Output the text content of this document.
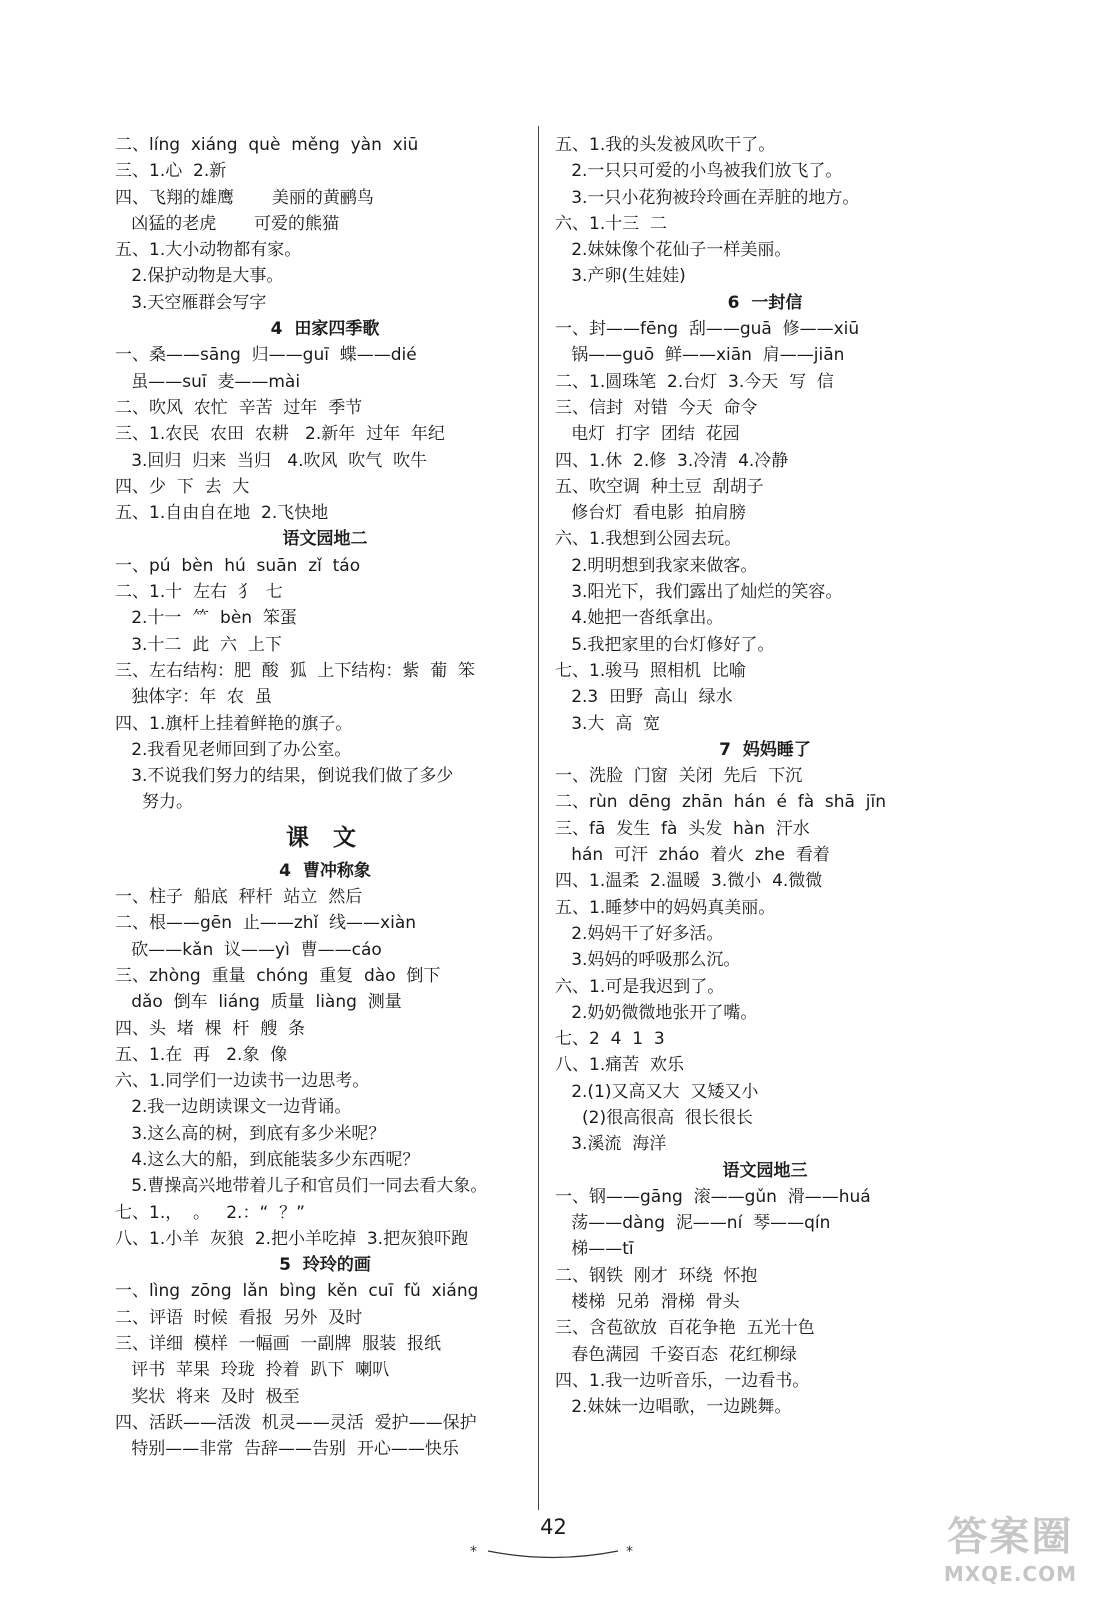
二、líng  xiáng  què  měng  yàn  xiū
三、1.心  2.新
四、飞翔的雄鹰       美丽的黄鹂鸟
凶猛的老虎       可爱的熊猫
五、1.大小动物都有家。
2.保护动物是大事。
3.天空雁群会写字
4  田家四季歌
一、桑——sāng  归——guī  蝶——dié
虽——suī  麦——mài
二、吹风  农忙  辛苦  过年  季节
三、1.农民  农田  农耕   2.新年  过年  年纪
3.回归  归来  当归   4.吹风  吹气  吹牛
四、少  下  去  大
五、1.自由自在地  2.飞快地
语文园地二
一、pú  bèn  hú  suān  zǐ  táo
二、1.十  左右  犭  七
2.十一  ⺮  bèn  笨蛋
3.十二  此  六  上下
三、左右结构：肥  酸  狐  上下结构：紫  葡  笨
独体字：年  农  虽
四、1.旗杆上挂着鲜艳的旗子。
2.我看见老师回到了办公室。
3.不说我们努力的结果，倒说我们做了多少
努力。
课 文
4  曹冲称象
一、柱子  船底  秤杆  站立  然后
二、根——gēn  止——zhǐ  线——xiàn
砍——kǎn  议——yì  曹——cáo
三、zhòng  重量  chóng  重复  dào  倒下
dǎo  倒车  liáng  质量  liàng  测量
四、头  堵  棵  杆  艘  条
五、1.在  再   2.象  像
六、1.同学们一边读书一边思考。
2.我一边朗读课文一边背诵。
3.这么高的树，到底有多少米呢？
4.这么大的船，到底能装多少东西呢？
5.曹操高兴地带着儿子和官员们一同去看大象。
七、1.，  。   2.：“  ？”
八、1.小羊  灰狼  2.把小羊吃掉  3.把灰狼吓跑
5  玲玲的画
一、lìng  zōng  lǎn  bìng  kěn  cuī  fǔ  xiáng
二、评语  时候  看报  另外  及时
三、详细  模样  一幅画  一副牌  服装  报纸
评书  苹果  玲珑  拎着  趴下  喇叭
奖状  将来  及时  极至
四、活跃——活泼  机灵——灵活  爱护——保护
特别——非常  告辞——告别  开心——快乐
五、1.我的头发被风吹干了。
2.一只只可爱的小鸟被我们放飞了。
3.一只小花狗被玲玲画在弄脏的地方。
六、1.十三  二
2.妹妹像个花仙子一样美丽。
3.产卵(生娃娃)
6  一封信
一、封——fēng  刮——guā  修——xiū
锅——guō  鲜——xiān  肩——jiān
二、1.圆珠笔  2.台灯  3.今天  写  信
三、信封  对错  今天  命令
电灯  打字  团结  花园
四、1.休  2.修  3.冷清  4.冷静
五、吹空调  种土豆  刮胡子
修台灯  看电影  拍肩膀
六、1.我想到公园去玩。
2.明明想到我家来做客。
3.阳光下，我们露出了灿烂的笑容。
4.她把一沓纸拿出。
5.我把家里的台灯修好了。
七、1.骏马  照相机  比喻
2.3  田野  高山  绿水
3.大  高  宽
7  妈妈睡了
一、洗脸  门窗  关闭  先后  下沉
二、rùn  dēng  zhān  hán  é  fà  shā  jīn
三、fā  发生  fà  头发  hàn  汗水
hán  可汗  zháo  着火  zhe  看着
四、1.温柔  2.温暖  3.微小  4.微微
五、1.睡梦中的妈妈真美丽。
2.妈妈干了好多活。
3.妈妈的呼吸那么沉。
六、1.可是我迟到了。
2.奶奶微微地张开了嘴。
七、2  4  1  3
八、1.痛苦  欢乐
2.(1)又高又大  又矮又小
(2)很高很高  很长很长
3.溪流  海洋
语文园地三
一、钢——gāng  滚——gǔn  滑——huá
荡——dàng  泥——ní  琴——qín
梯——tī
二、钢铁  刚才  环绕  怀抱
楼梯  兄弟  滑梯  骨头
三、含苞欲放  百花争艳  五光十色
春色满园  千姿百态  花红柳绿
四、1.我一边听音乐，一边看书。
2.妹妹一边唱歌，一边跳舞。
42
*	*	答案圈
MXQE.COM
